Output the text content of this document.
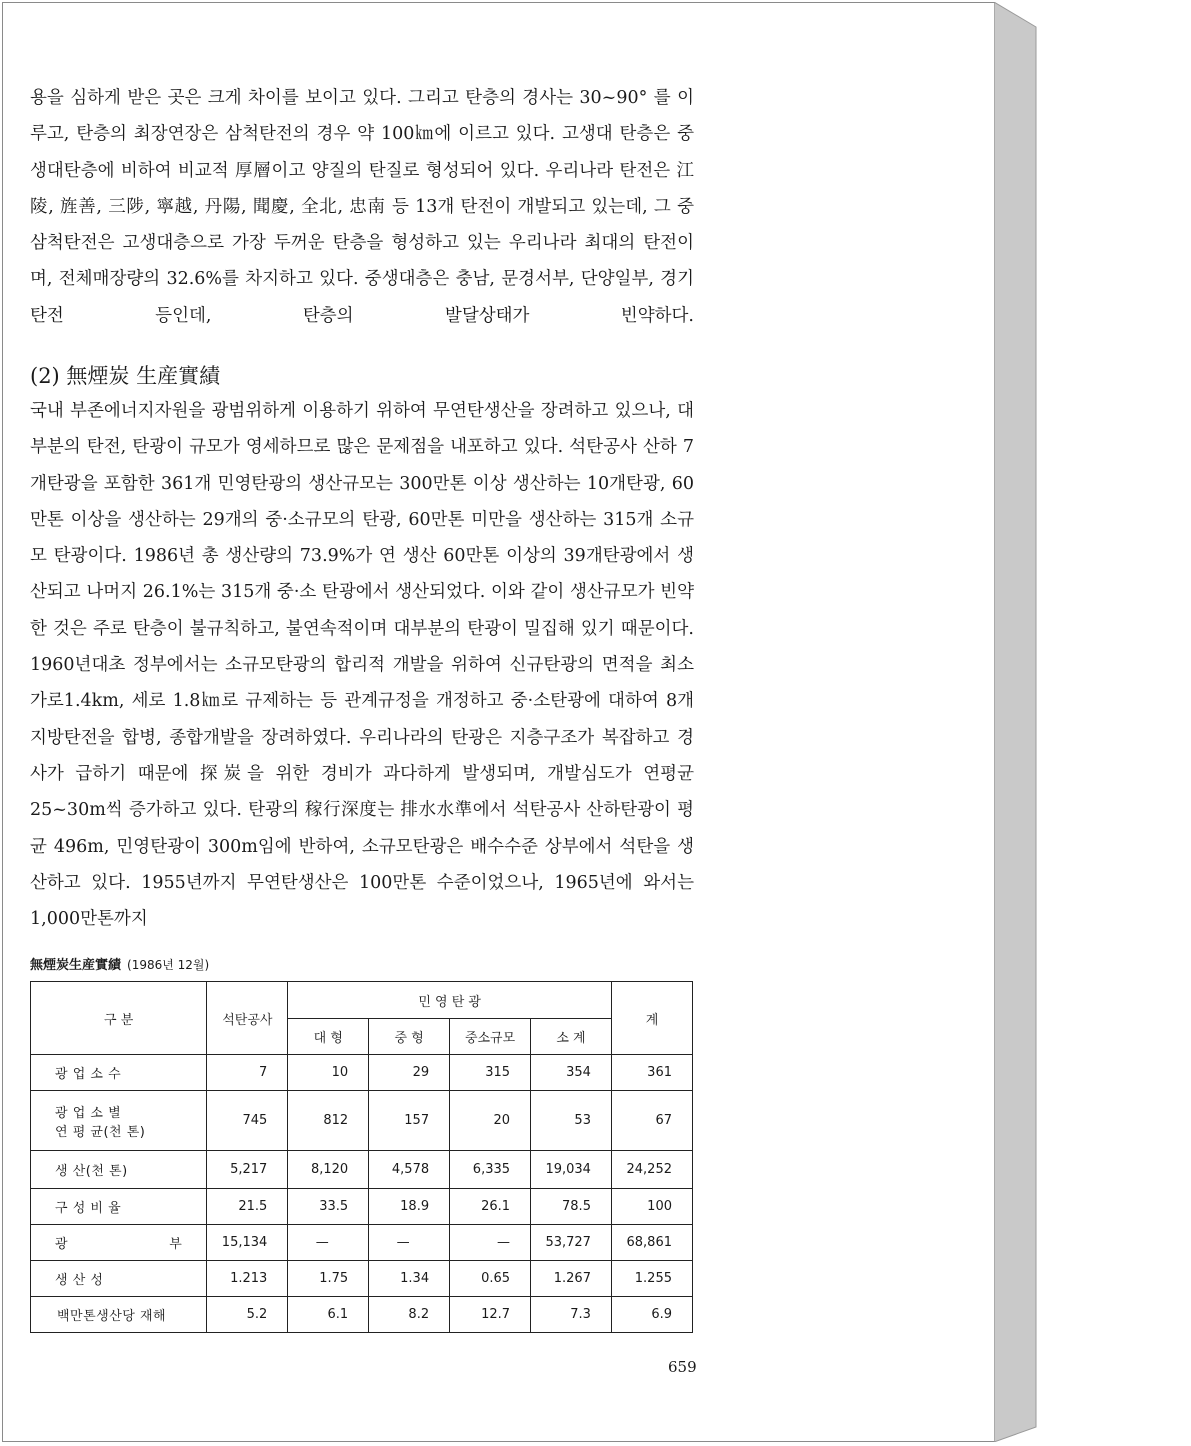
용을 심하게 받은 곳은 크게 차이를 보이고 있다. 그리고 탄층의 경사는 30~90° 를 이루고, 탄층의 최장연장은 삼척탄전의 경우 약 100㎞에 이르고 있다. 고생대 탄층은 중생대탄층에 비하여 비교적 厚層이고 양질의 탄질로 형성되어 있다. 우리나라 탄전은 江陵, 旌善, 三陟, 寧越, 丹陽, 聞慶, 全北, 忠南 등 13개 탄전이 개발되고 있는데, 그 중 삼척탄전은 고생대층으로 가장 두꺼운 탄층을 형성하고 있는 우리나라 최대의 탄전이며, 전체매장량의 32.6%를 차지하고 있다. 중생대층은 충남, 문경서부, 단양일부, 경기탄전 등인데, 탄층의 발달상태가 빈약하다.

(2) 無煙炭 生産實績

국내 부존에너지자원을 광범위하게 이용하기 위하여 무연탄생산을 장려하고 있으나, 대부분의 탄전, 탄광이 규모가 영세하므로 많은 문제점을 내포하고 있다. 석탄공사 산하 7개탄광을 포함한 361개 민영탄광의 생산규모는 300만톤 이상 생산하는 10개탄광, 60만톤 이상을 생산하는 29개의 중·소규모의 탄광, 60만톤 미만을 생산하는 315개 소규모 탄광이다. 1986년 총 생산량의 73.9%가 연 생산 60만톤 이상의 39개탄광에서 생산되고 나머지 26.1%는 315개 중·소 탄광에서 생산되었다. 이와 같이 생산규모가 빈약한 것은 주로 탄층이 불규칙하고, 불연속적이며 대부분의 탄광이 밀집해 있기 때문이다. 1960년대초 정부에서는 소규모탄광의 합리적 개발을 위하여 신규탄광의 면적을 최소 가로1.4km, 세로 1.8㎞로 규제하는 등 관계규정을 개정하고 중·소탄광에 대하여 8개 지방탄전을 합병, 종합개발을 장려하였다. 우리나라의 탄광은 지층구조가 복잡하고 경사가 급하기 때문에 探炭을 위한 경비가 과다하게 발생되며, 개발심도가 연평균 25~30m씩 증가하고 있다. 탄광의 稼行深度는 排水水準에서 석탄공사 산하탄광이 평균 496m, 민영탄광이 300m임에 반하여, 소규모탄광은 배수수준 상부에서 석탄을 생산하고 있다. 1955년까지 무연탄생산은 100만톤 수준이었으나, 1965년에 와서는 1,000만톤까지

無煙炭生産實績 (1986년 12월)
구 분	석탄공사	민 영 탄 광				계
		대 형	중 형	중소규모	소 계	
광 업 소 수	7	10	29	315	354	361

광 업 소 별
연 평 균(천 톤)	745	812	157	20	53	67
생 산(천 톤)	5,217	8,120	4,578	6,335	19,034	24,252
구 성 비 율	21.5	33.5	18.9	26.1	78.5	100
광 부	15,134	—	—	—	53,727	68,861
생 산 성	1.213	1.75	1.34	0.65	1.267	1.255
백만톤생산당 재해	5.2	6.1	8.2	12.7	7.3	6.9
659
